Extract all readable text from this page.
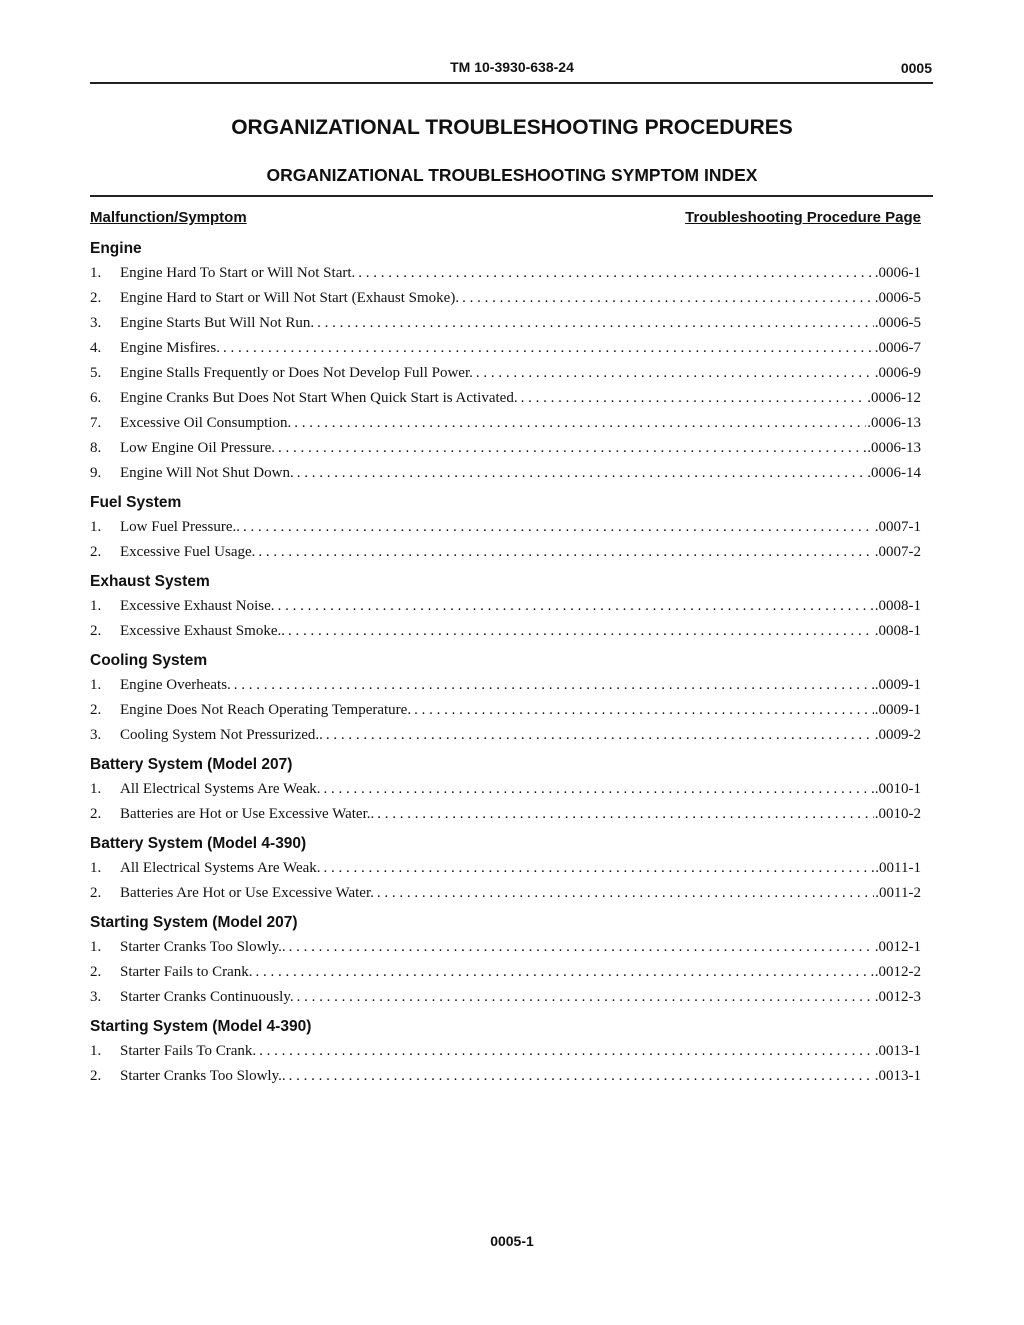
TM 10-3930-638-24	0005
ORGANIZATIONAL TROUBLESHOOTING PROCEDURES
ORGANIZATIONAL TROUBLESHOOTING SYMPTOM INDEX
Malfunction/Symptom	Troubleshooting Procedure Page
Engine
1.	Engine Hard To Start or Will Not Start. . . .	.0006-1
2.	Engine Hard to Start or Will Not Start (Exhaust Smoke). . . .	.0006-5
3.	Engine Starts But Will Not Run. . . .	.0006-5
4.	Engine Misfires. . . .	.0006-7
5.	Engine Stalls Frequently or Does Not Develop Full Power. . . .	.0006-9
6.	Engine Cranks But Does Not Start When Quick Start is Activated. . . .	.0006-12
7.	Excessive Oil Consumption. . . .	.0006-13
8.	Low Engine Oil Pressure. . . .	.0006-13
9.	Engine Will Not Shut Down. . . .	.0006-14
Fuel System
1.	Low Fuel Pressure.. . . .	.0007-1
2.	Excessive Fuel Usage. . . .	.0007-2
Exhaust System
1.	Excessive Exhaust Noise. . . .	.0008-1
2.	Excessive Exhaust Smoke.. . . .	.0008-1
Cooling System
1.	Engine Overheats. . . .	.0009-1
2.	Engine Does Not Reach Operating Temperature. . . .	.0009-1
3.	Cooling System Not Pressurized.. . . .	.0009-2
Battery System (Model 207)
1.	All Electrical Systems Are Weak. . . .	.0010-1
2.	Batteries are Hot or Use Excessive Water.. . . .	.0010-2
Battery System (Model 4-390)
1.	All Electrical Systems Are Weak. . . .	.0011-1
2.	Batteries Are Hot or Use Excessive Water. . . .	.0011-2
Starting System (Model 207)
1.	Starter Cranks Too Slowly.. . . .	.0012-1
2.	Starter Fails to Crank. . . .	.0012-2
3.	Starter Cranks Continuously. . . .	.0012-3
Starting System (Model 4-390)
1.	Starter Fails To Crank. . . .	.0013-1
2.	Starter Cranks Too Slowly.. . . .	.0013-1
0005-1
